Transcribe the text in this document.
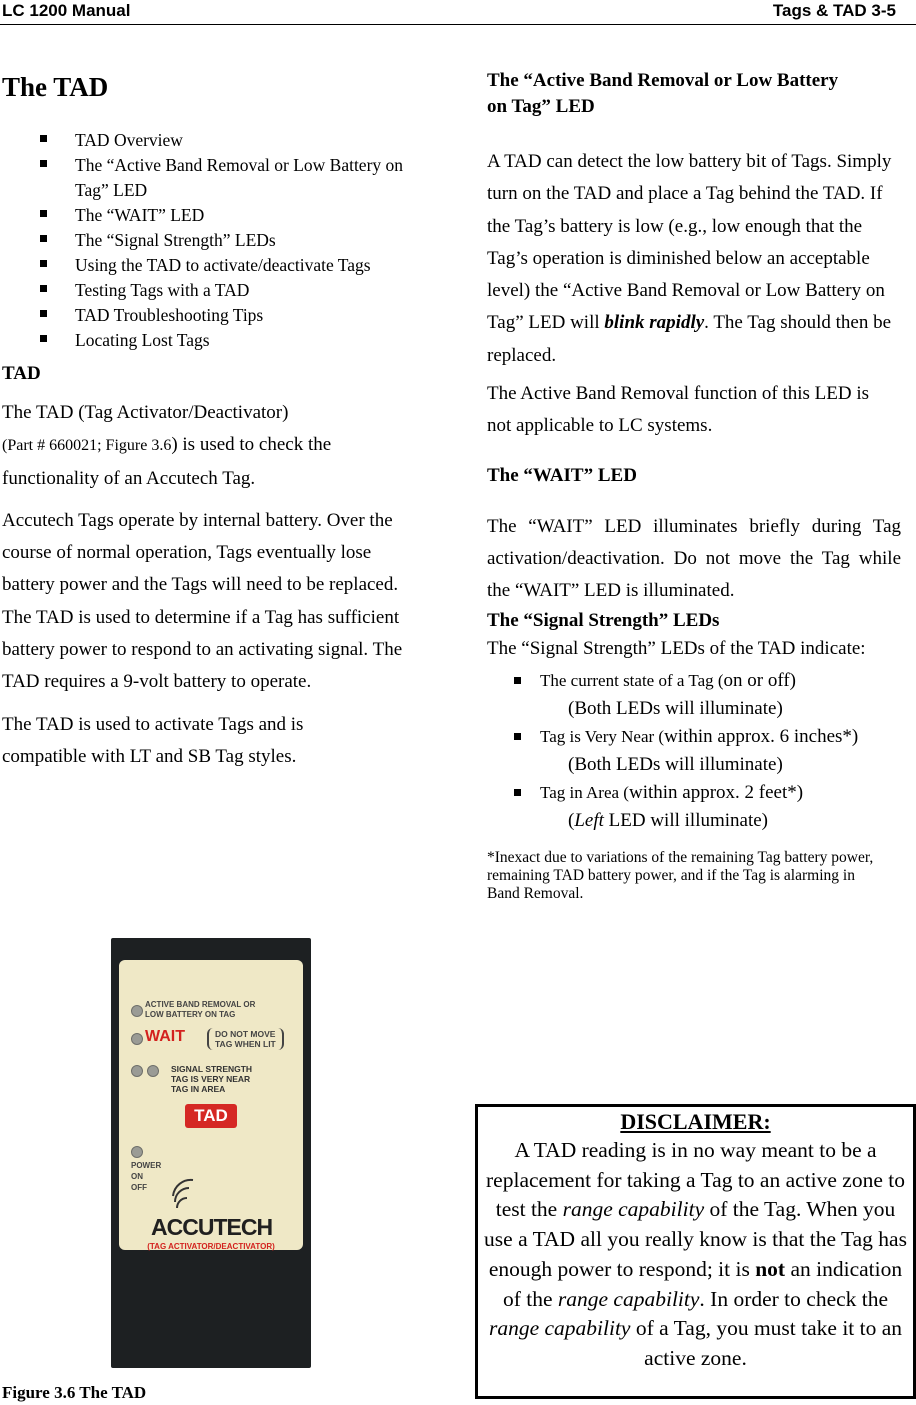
LC 1200 Manual	Tags & TAD 3-5
The TAD
TAD Overview
The “Active Band Removal or Low Battery on Tag” LED
The “WAIT” LED
The “Signal Strength” LEDs
Using the TAD to activate/deactivate Tags
Testing Tags with a TAD
TAD Troubleshooting Tips
Locating Lost Tags
TAD

The TAD (Tag Activator/Deactivator)
(Part # 660021; Figure 3.6) is used to check the functionality of an Accutech Tag.

Accutech Tags operate by internal battery. Over the course of normal operation, Tags eventually lose battery power and the Tags will need to be replaced. The TAD is used to determine if a Tag has sufficient battery power to respond to an activating signal. The TAD requires a 9-volt battery to operate.

The TAD is used to activate Tags and is compatible with LT and SB Tag styles.

ACTIVE BAND REMOVAL OR
LOW BATTERY ON TAG
WAIT	DO NOT MOVE
TAG WHEN LIT
SIGNAL STRENGTH
TAG IS VERY NEAR
TAG IN AREA
TAD
POWER
ON
OFF
ACCUTECH
(TAG ACTIVATOR/DEACTIVATOR)
Figure 3.6 The TAD
The “Active Band Removal or Low Battery on Tag” LED

A TAD can detect the low battery bit of Tags. Simply turn on the TAD and place a Tag behind the TAD. If the Tag’s battery is low (e.g., low enough that the Tag’s operation is diminished below an acceptable level) the “Active Band Removal or Low Battery on Tag” LED will blink rapidly. The Tag should then be replaced.

The Active Band Removal function of this LED is not applicable to LC systems.

The “WAIT” LED

The “WAIT” LED illuminates briefly during Tag activation/deactivation. Do not move the Tag while the “WAIT” LED is illuminated.

The “Signal Strength” LEDs

The “Signal Strength” LEDs of the TAD indicate:

The current state of a Tag (on or off)
(Both LEDs will illuminate)
Tag is Very Near (within approx. 6 inches*)
(Both LEDs will illuminate)
Tag in Area (within approx. 2 feet*)
(Left LED will illuminate)

*Inexact due to variations of the remaining Tag battery power, remaining TAD battery power, and if the Tag is alarming in Band Removal.

DISCLAIMER:
A TAD reading is in no way meant to be a replacement for taking a Tag to an active zone to test the range capability of the Tag. When you use a TAD all you really know is that the Tag has enough power to respond; it is not an indication of the range capability. In order to check the range capability of a Tag, you must take it to an active zone.
